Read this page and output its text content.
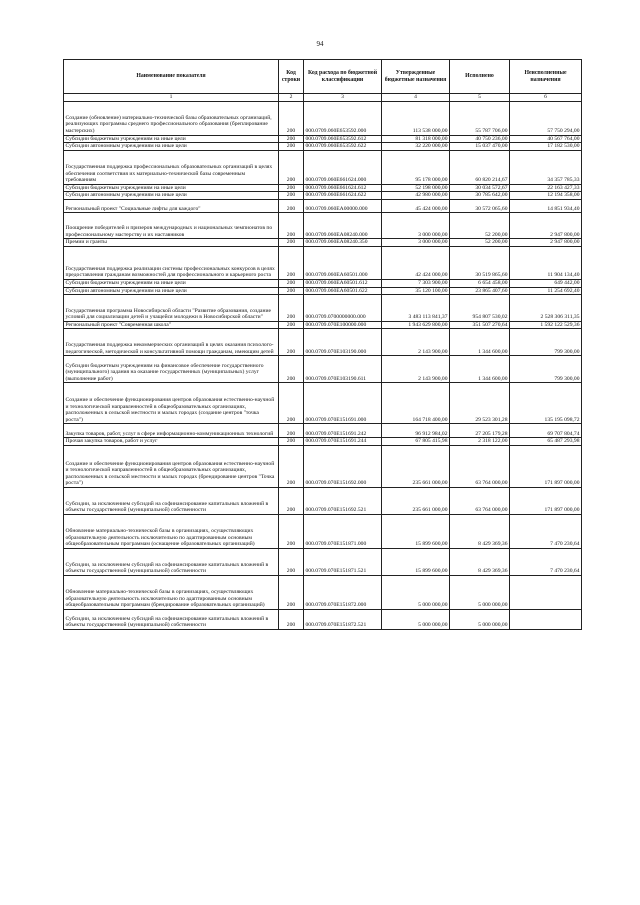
94
Наименование показателя	Код строки	Код расхода по бюджетной классификации	Утвержденные бюджетные назначения	Исполнено	Неисполненные назначения
1	2	3	4	5	6
Создание (обновление) материально-технической базы образовательных организаций, реализующих программы среднего профессионального образования (бреплирование мастерских)	200	000.0709.060E653592.000	113 538 000,00	55 787 706,00	57 750 294,00
Субсидии бюджетным учреждениям на иные цели	200	000.0709.060E653592.612	81 318 000,00	40 750 236,00	40 567 764,00
Субсидии автономным учреждениям на иные цели	200	000.0709.060E653592.622	32 220 000,00	15 037 470,00	17 182 530,00
Государственная поддержка профессиональных образовательных организаций в целях обеспечения соответствия их материально-технической базы современным требованиям	200	000.0709.060E661624.000	95 178 000,00	60 820 214,67	34 357 785,33
Субсидии бюджетным учреждениям на иные цели	200	000.0709.060E661624.612	52 198 000,00	30 034 572,67	22 163 427,33
Субсидии автономным учреждениям на иные цели	200	000.0709.060E661624.622	42 980 000,00	30 785 642,00	12 194 358,00
Региональный проект "Социальные лифты для каждого"	200	000.0709.060EA00000.000	45 424 000,00	30 572 065,60	14 851 934,40
Поощрение победителей и призеров международных и национальных чемпионатов по профессиональному мастерству и их наставников	200	000.0709.060EA08240.000	3 000 000,00	52 200,00	2 947 800,00
Премии и гранты	200	000.0709.060EA08240.350	3 000 000,00	52 200,00	2 947 800,00
Государственная поддержка реализации системы профессиональных конкурсов в целях предоставления гражданам возможностей для профессионального и карьерного роста	200	000.0709.060EA60501.000	42 424 000,00	30 519 865,60	11 904 134,40
Субсидии бюджетным учреждениям на иные цели	200	000.0709.060EA60501.612	7 303 900,00	6 654 458,00	649 442,00
Субсидии автономным учреждениям на иные цели	200	000.0709.060EA60501.622	35 120 100,00	23 865 407,60	11 254 692,40
Государственная программа Новосибирской области "Развитие образования, создание условий для социализации детей и учащейся молодежи в Новосибирской области"	200	000.0709.0700000000.000	3 483 113 841,37	954 807 530,02	2 528 306 311,35
Региональный проект "Современная школа"	200	000.0709.070E100000.000	1 943 629 800,00	351 507 270,64	1 592 122 529,36
Государственная поддержка некоммерческих организаций в целях оказания психолого-педагогической, методической и консультативной помощи гражданам, имеющим детей	200	000.0709.070E103190.000	2 143 900,00	1 344 600,00	799 300,00
Субсидии бюджетным учреждениям на финансовое обеспечение государственного (муниципального) задания на оказание государственных (муниципальных) услуг (выполнение работ)	200	000.0709.070E103190.611	2 143 900,00	1 344 600,00	799 300,00
Создание и обеспечение функционирования центров образования естественно-научной и технологической направленностей в общеобразовательных организациях, расположенных в сельской местности и малых городах (создание центров "точка роста")	200	000.0709.070E151691.000	164 718 400,00	29 523 301,28	135 195 098,72
Закупка товаров, работ, услуг в сфере информационно-коммуникационных технологий	200	000.0709.070E151691.242	96 912 984,02	27 205 179,28	69 707 804,74
Прочая закупка товаров, работ и услуг	200	000.0709.070E151691.244	67 805 415,98	2 318 122,00	65 487 293,98
Создание и обеспечение функционирования центров образования естественно-научной и технологической направленностей в общеобразовательных организациях, расположенных в сельской местности и малых городах (брендирование центров "Точка роста")	200	000.0709.070E151692.000	235 661 000,00	63 764 000,00	171 897 000,00
Субсидии, за исключением субсидий на софинансирование капитальных вложений в объекты государственной (муниципальной) собственности	200	000.0709.070E151692.521	235 661 000,00	63 764 000,00	171 897 000,00
Обновление материально-технической базы в организациях, осуществляющих образовательную деятельность исключительно по адаптированным основным общеобразовательным программам (оснащение образовательных организаций)	200	000.0709.070E151871.000	15 899 600,00	8 429 369,36	7 470 230,64
Субсидии, за исключением субсидий на софинансирование капитальных вложений в объекты государственной (муниципальной) собственности	200	000.0709.070E151871.521	15 899 600,00	8 429 369,36	7 470 230,64
Обновление материально-технической базы в организациях, осуществляющих образовательную деятельность исключительно по адаптированным основным общеобразовательным программам (брендирование образовательных организаций)	200	000.0709.070E151872.000	5 000 000,00	5 000 000,00	
Субсидии, за исключением субсидий на софинансирование капитальных вложений в объекты государственной (муниципальной) собственности	200	000.0709.070E151872.521	5 000 000,00	5 000 000,00	
